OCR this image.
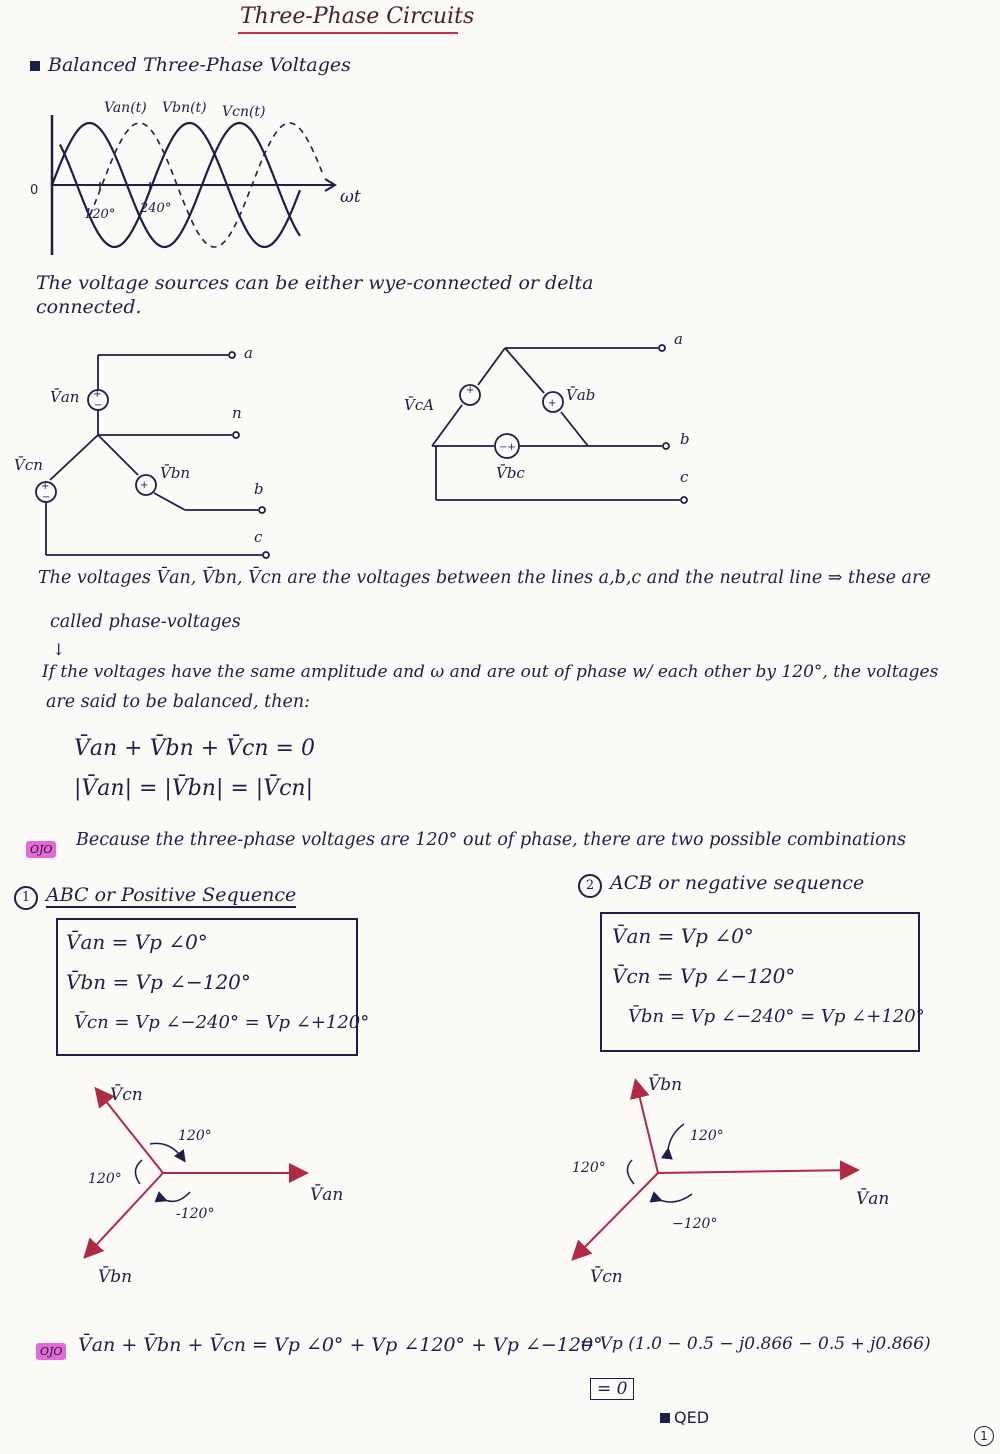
Three-Phase Circuits
Balanced Three-Phase Voltages
0
Van(t) Vbn(t) Vcn(t)
120° 240°
ωt
The voltage sources can be either wye-connected or delta connected.
+
−
+
−
+
V̄an
V̄cn	V̄bn
a
n
b
c
+
+
−+
V̄cA
V̄ab
V̄bc
a
b
c
The voltages V̄an, V̄bn, V̄cn are the voltages between the lines a,b,c and the neutral line ⇒ these are
called phase-voltages
↓
If the voltages have the same amplitude and ω and are out of phase w/ each other by 120°, the voltages
are said to be balanced, then:
V̄an + V̄bn + V̄cn = 0
|V̄an| = |V̄bn| = |V̄cn|
OJO Because the three-phase voltages are 120° out of phase, there are two possible combinations
1 ABC or Positive Sequence
V̄an = Vp ∠0°
V̄bn = Vp ∠−120°
V̄cn = Vp ∠−240° = Vp ∠+120°
2 ACB or negative sequence
V̄an = Vp ∠0°
V̄cn = Vp ∠−120°
V̄bn = Vp ∠−240° = Vp ∠+120°
V̄cn
V̄an
V̄bn
120°
120°
-120°
V̄bn
V̄an
V̄cn
120°
120°
−120°
OJO V̄an + V̄bn + V̄cn = Vp ∠0° + Vp ∠120° + Vp ∠−120°
= Vp (1.0 − 0.5 − j0.866 − 0.5 + j0.866)
= 0
QED
1
